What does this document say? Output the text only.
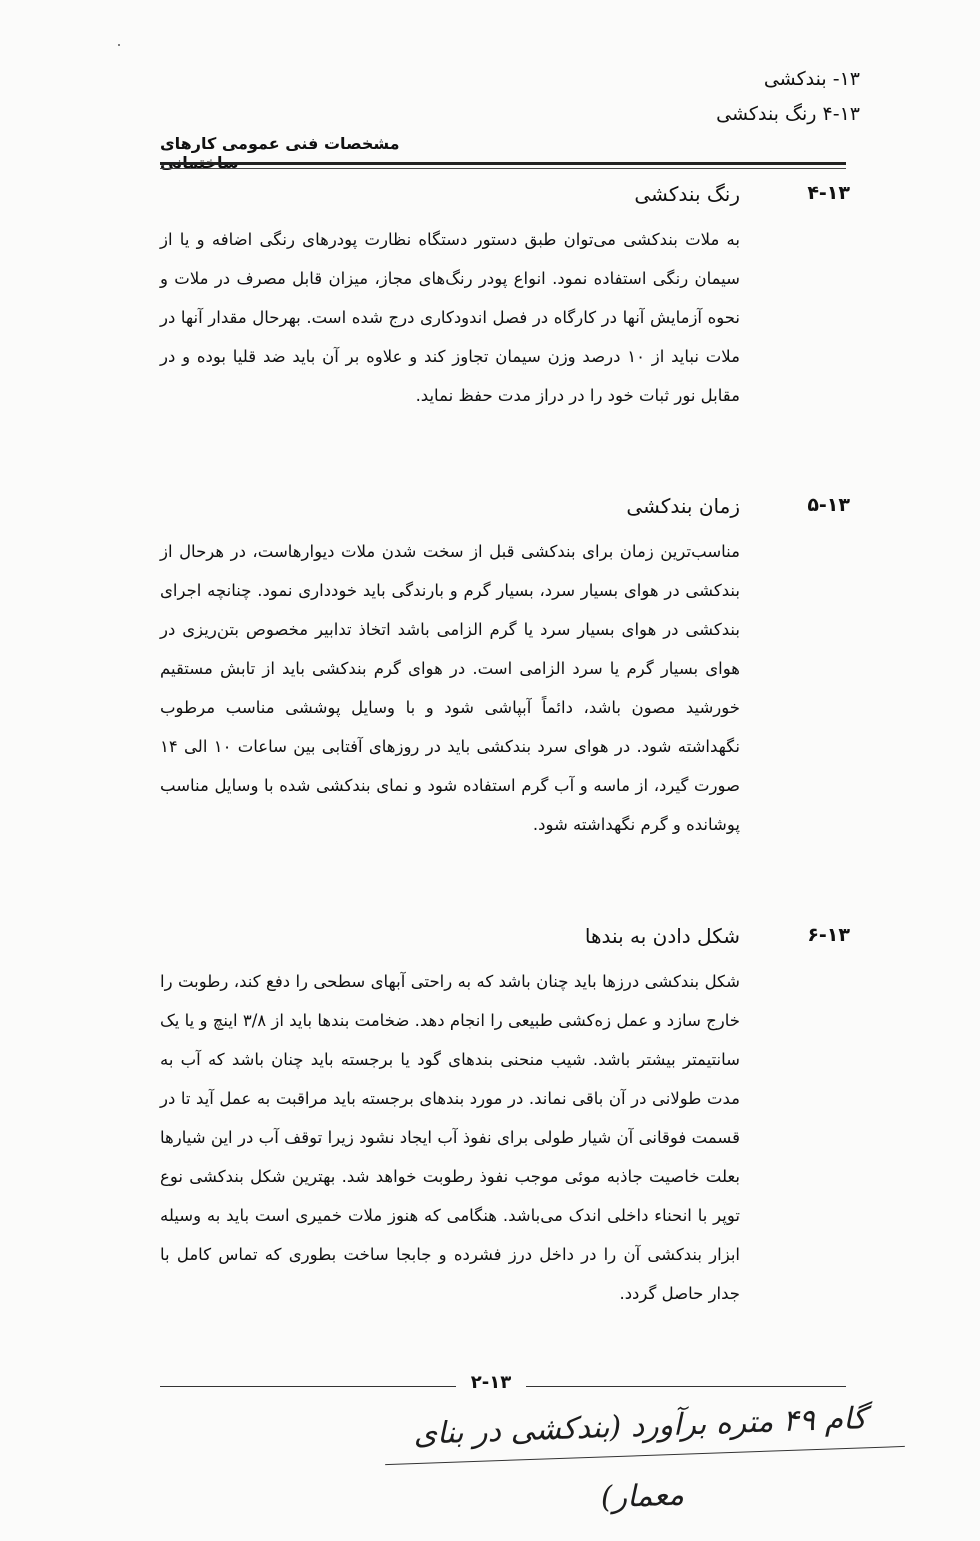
۱۳- بندکشی
۴-۱۳ رنگ بندکشی
مشخصات فنی عمومی کارهای
۴-۱۳
رنگ بندکشی
به ملات بندکشی می‌توان طبق دستور دستگاه نظارت پودرهای رنگی اضافه و یا از سیمان رنگی استفاده نمود. انواع پودر رنگ‌های مجاز، میزان قابل مصرف در ملات و نحوه آزمایش آنها در کارگاه در فصل اندودکاری درج شده است. بهرحال مقدار آنها در ملات نباید از ۱۰ درصد وزن سیمان تجاوز کند و علاوه بر آن باید ضد قلیا بوده و در مقابل نور ثبات خود را در دراز مدت حفظ نماید.
۵-۱۳
زمان بندکشی
مناسب‌ترین زمان برای بندکشی قبل از سخت شدن ملات دیوارهاست، در هرحال از بندکشی در هوای بسیار سرد، بسیار گرم و بارندگی باید خودداری نمود. چنانچه اجرای بندکشی در هوای بسیار سرد یا گرم الزامی باشد اتخاذ تدابیر مخصوص بتن‌ریزی در هوای بسیار گرم یا سرد الزامی است. در هوای گرم بندکشی باید از تابش مستقیم خورشید مصون باشد، دائماً آبپاشی شود و با وسایل پوششی مناسب مرطوب نگهداشته شود. در هوای سرد بندکشی باید در روزهای آفتابی بین ساعات ۱۰ الی ۱۴ صورت گیرد، از ماسه و آب گرم استفاده شود و نمای بندکشی شده با وسایل مناسب پوشانده و گرم نگهداشته شود.
۶-۱۳
شکل دادن به بندها
شکل بندکشی درزها باید چنان باشد که به راحتی آبهای سطحی را دفع کند، رطوبت را خارج سازد و عمل زه‌کشی طبیعی را انجام دهد. ضخامت بندها باید از ۳/۸ اینچ و یا یک سانتیمتر بیشتر باشد. شیب منحنی بندهای گود یا برجسته باید چنان باشد که آب به مدت طولانی در آن باقی نماند. در مورد بندهای برجسته باید مراقبت به عمل آید تا در قسمت فوقانی آن شیار طولی برای نفوذ آب ایجاد نشود زیرا توقف آب در این شیارها بعلت خاصیت جاذبه موئی موجب نفوذ رطوبت خواهد شد. بهترین شکل بندکشی نوع توپر با انحناء داخلی اندک می‌باشد. هنگامی که هنوز ملات خمیری است باید به وسیله ابزار بندکشی آن را در داخل درز فشرده و جابجا ساخت بطوری که تماس کامل با جدار حاصل گردد.
۲-۱۳
گام ۴۹ متره برآورد (بندکشی در بنای معمار)
